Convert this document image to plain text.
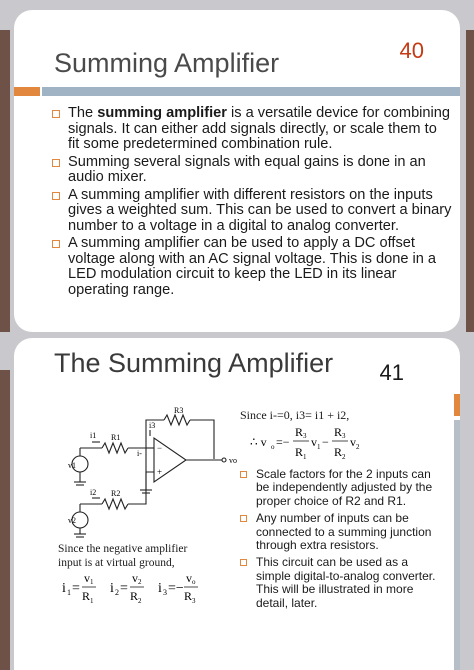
40
Summing Amplifier
The summing amplifier is a versatile device for combining signals. It can either add signals directly, or scale them to fit some predetermined combination rule.
Summing several signals with equal gains is done in an audio mixer.
A summing amplifier with different resistors on the inputs gives a weighted sum. This can be used to convert a binary number to a voltage in a digital to analog converter.
A summing amplifier can be used to apply a DC offset voltage along with an AC signal voltage. This is done in a LED modulation circuit to keep the LED in its linear operating range.
The Summing Amplifier 41
R3
i3
i1 R1
i-
v1
v2
i2 R2
vo
−
+
Since the negative amplifier
input is at virtual ground,
i 1 =
v 1
R 1
i 2 =
v 2
R 2
i 3 =−
v o
R 3
Since i-=0, i3= i1 + i2,
∴ v o =−
R 3
R 1
v 1 −
R 3
R 2
v 2
Scale factors for the 2 inputs can be independently adjusted by the proper choice of R2 and R1.
Any number of inputs can be connected to a summing junction through extra resistors.
This circuit can be used as a simple digital-to-analog converter. This will be illustrated in more detail, later.
